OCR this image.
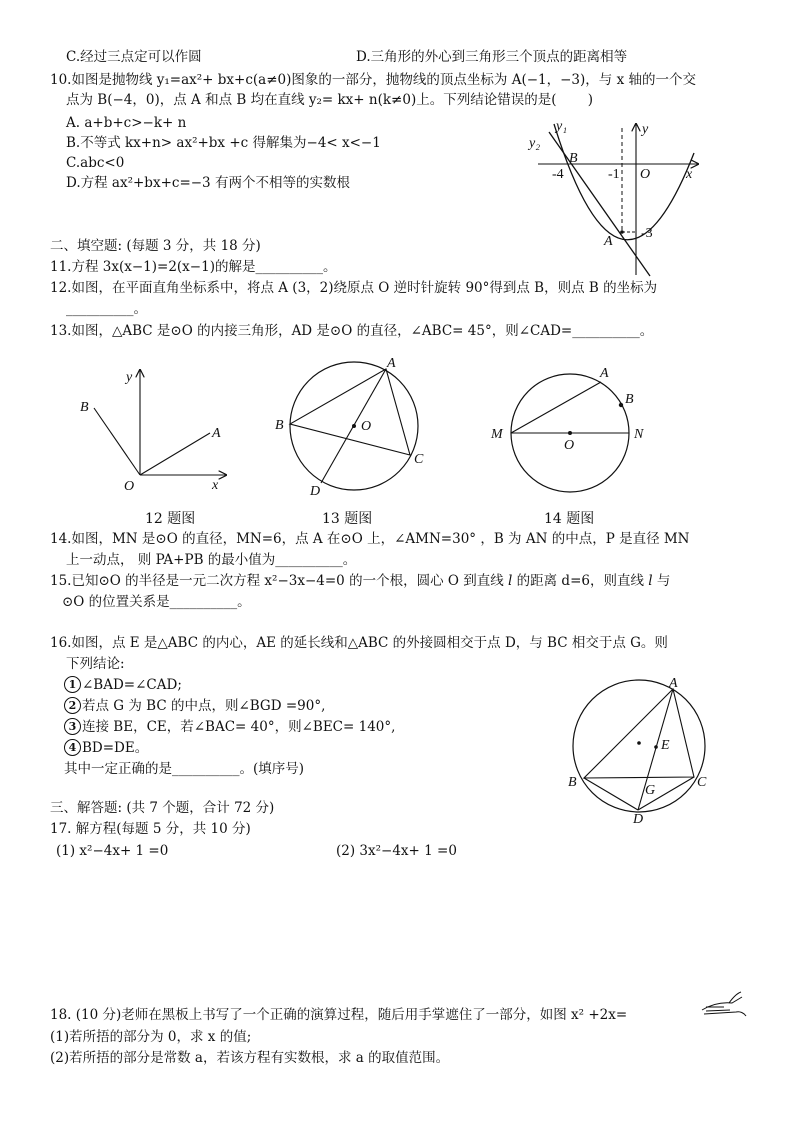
C.经过三点定可以作圆	D.三角形的外心到三角形三个顶点的距离相等
10.如图是抛物线 y₁=ax²+ bx+c(a≠0)图象的一部分，抛物线的顶点坐标为 A(−1，−3)，与 x 轴的一个交
点为 B(−4，0)，点 A 和点 B 均在直线 y₂= kx+ n(k≠0)上。下列结论错误的是(　　 )
A. a+b+c>−k+ n
B.不等式 kx+n> ax²+bx +c 得解集为−4< x<−1
C.abc<0
D.方程 ax²+bx+c=−3 有两个不相等的实数根
y₁
y₂
y
x
B
A
O
-4	-1
-3
二、填空题: (每题 3 分，共 18 分)
11.方程 3x(x−1)=2(x−1)的解是__________。
12.如图，在平面直角坐标系中，将点 A (3，2)绕原点 O 逆时针旋转 90°得到点 B，则点 B 的坐标为
__________。
13.如图，△ABC 是⊙O 的内接三角形，AD 是⊙O 的直径，∠ABC= 45°，则∠CAD=__________。
y
x
O
A
B
12 题图
A
B
C
D
O
13 题图
A
B
M	N
O
14 题图
14.如图，MN 是⊙O 的直径，MN=6，点 A 在⊙O 上，∠AMN=30° ，B 为 AN 的中点，P 是直径 MN
上一动点， 则 PA+PB 的最小值为__________。
15.已知⊙O 的半径是一元二次方程 x²−3x−4=0 的一个根，圆心 O 到直线 l 的距离 d=6，则直线 l 与
⊙O 的位置关系是__________。
16.如图，点 E 是△ABC 的内心，AE 的延长线和△ABC 的外接圆相交于点 D，与 BC 相交于点 G。则
下列结论:
1 ∠BAD=∠CAD;
2 若点 G 为 BC 的中点，则∠BGD =90°,
3 连接 BE，CE，若∠BAC= 40°，则∠BEC= 140°,
4 BD=DE。
其中一定正确的是__________。(填序号)
A
B	C
D
E
G
三、解答题: (共 7 个题，合计 72 分)
17. 解方程(每题 5 分，共 10 分)
(1) x²−4x+ 1 =0	(2) 3x²−4x+ 1 =0
18. (10 分)老师在黑板上书写了一个正确的演算过程，随后用手掌遮住了一部分，如图 x² +2x=
(1)若所捂的部分为 0，求 x 的值;
(2)若所捂的部分是常数 a，若该方程有实数根，求 a 的取值范围。
